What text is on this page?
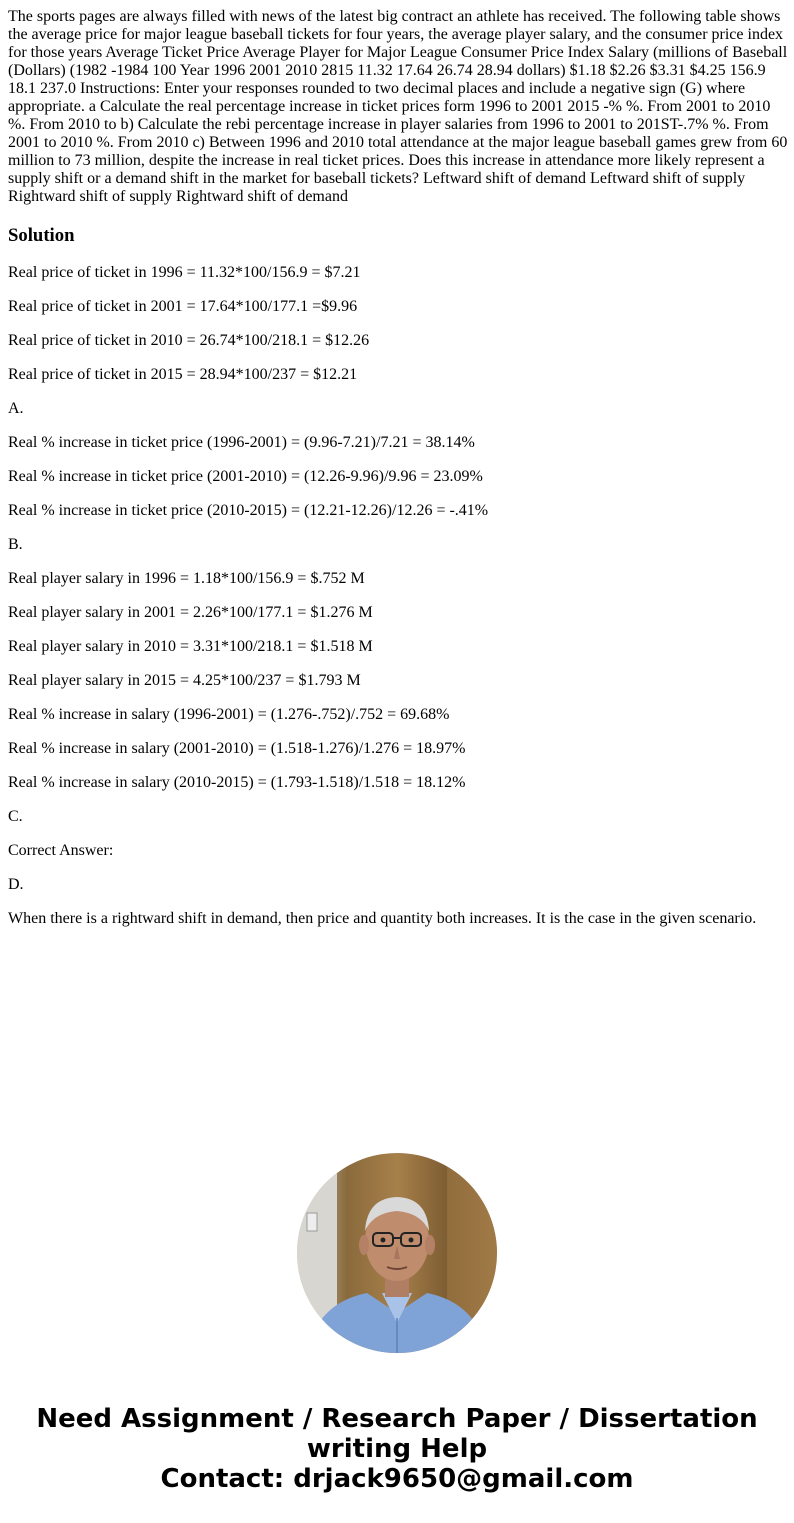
The sports pages are always filled with news of the latest big contract an athlete has received. The following table shows the average price for major league baseball tickets for four years, the average player salary, and the consumer price index for those years Average Ticket Price Average Player for Major League Consumer Price Index Salary (millions of Baseball (Dollars) (1982 -1984 100 Year 1996 2001 2010 2815 11.32 17.64 26.74 28.94 dollars) $1.18 $2.26 $3.31 $4.25 156.9 18.1 237.0 Instructions: Enter your responses rounded to two decimal places and include a negative sign (G) where appropriate. a Calculate the real percentage increase in ticket prices form 1996 to 2001 2015 -% %. From 2001 to 2010 %. From 2010 to b) Calculate the rebi percentage increase in player salaries from 1996 to 2001 to 201ST-.7% %. From 2001 to 2010 %. From 2010 c) Between 1996 and 2010 total attendance at the major league baseball games grew from 60 million to 73 million, despite the increase in real ticket prices. Does this increase in attendance more likely represent a supply shift or a demand shift in the market for baseball tickets? Leftward shift of demand Leftward shift of supply Rightward shift of supply Rightward shift of demand

Solution

Real price of ticket in 1996 = 11.32*100/156.9 = $7.21

Real price of ticket in 2001 = 17.64*100/177.1 =$9.96

Real price of ticket in 2010 = 26.74*100/218.1 = $12.26

Real price of ticket in 2015 = 28.94*100/237 = $12.21

A.

Real % increase in ticket price (1996-2001) = (9.96-7.21)/7.21 = 38.14%

Real % increase in ticket price (2001-2010) = (12.26-9.96)/9.96 = 23.09%

Real % increase in ticket price (2010-2015) = (12.21-12.26)/12.26 = -.41%

B.

Real player salary in 1996 = 1.18*100/156.9 = $.752 M

Real player salary in 2001 = 2.26*100/177.1 = $1.276 M

Real player salary in 2010 = 3.31*100/218.1 = $1.518 M

Real player salary in 2015 = 4.25*100/237 = $1.793 M

Real % increase in salary (1996-2001) = (1.276-.752)/.752 = 69.68%

Real % increase in salary (2001-2010) = (1.518-1.276)/1.276 = 18.97%

Real % increase in salary (2010-2015) = (1.793-1.518)/1.518 = 18.12%

C.

Correct Answer:

D.

When there is a rightward shift in demand, then price and quantity both increases. It is the case in the given scenario.

Need Assignment / Research Paper / Dissertation
writing Help
Contact: drjack9650@gmail.com
